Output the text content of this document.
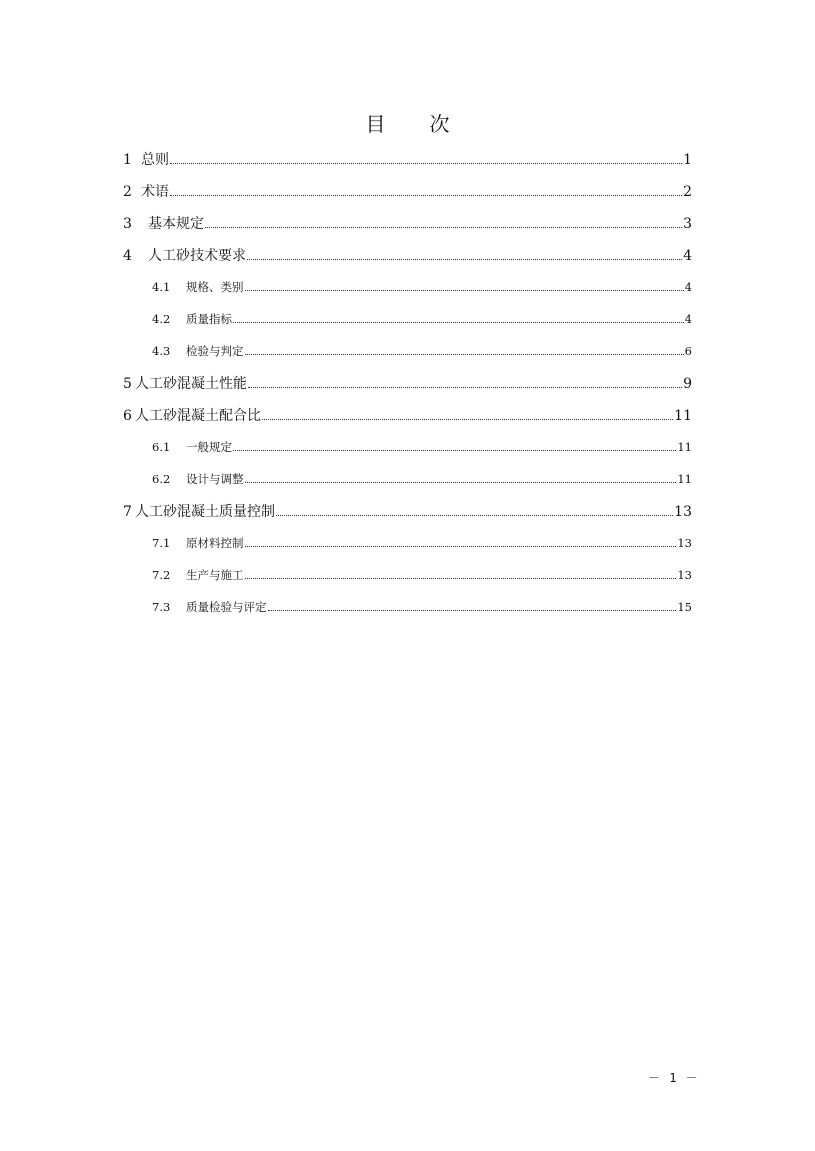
目 次
1 总则	1
2 术语	2
3	基本规定	3
4	人工砂技术要求	4
4.1	规格、类别	4
4.2	质量指标	4
4.3	检验与判定	6
5 人工砂混凝土性能	9
6 人工砂混凝土配合比	11
6.1	一般规定	11
6.2	设计与调整	11
7 人工砂混凝土质量控制	13
7.1	原材料控制	13
7.2	生产与施工	13
7.3	质量检验与评定	15
－ 1 －
